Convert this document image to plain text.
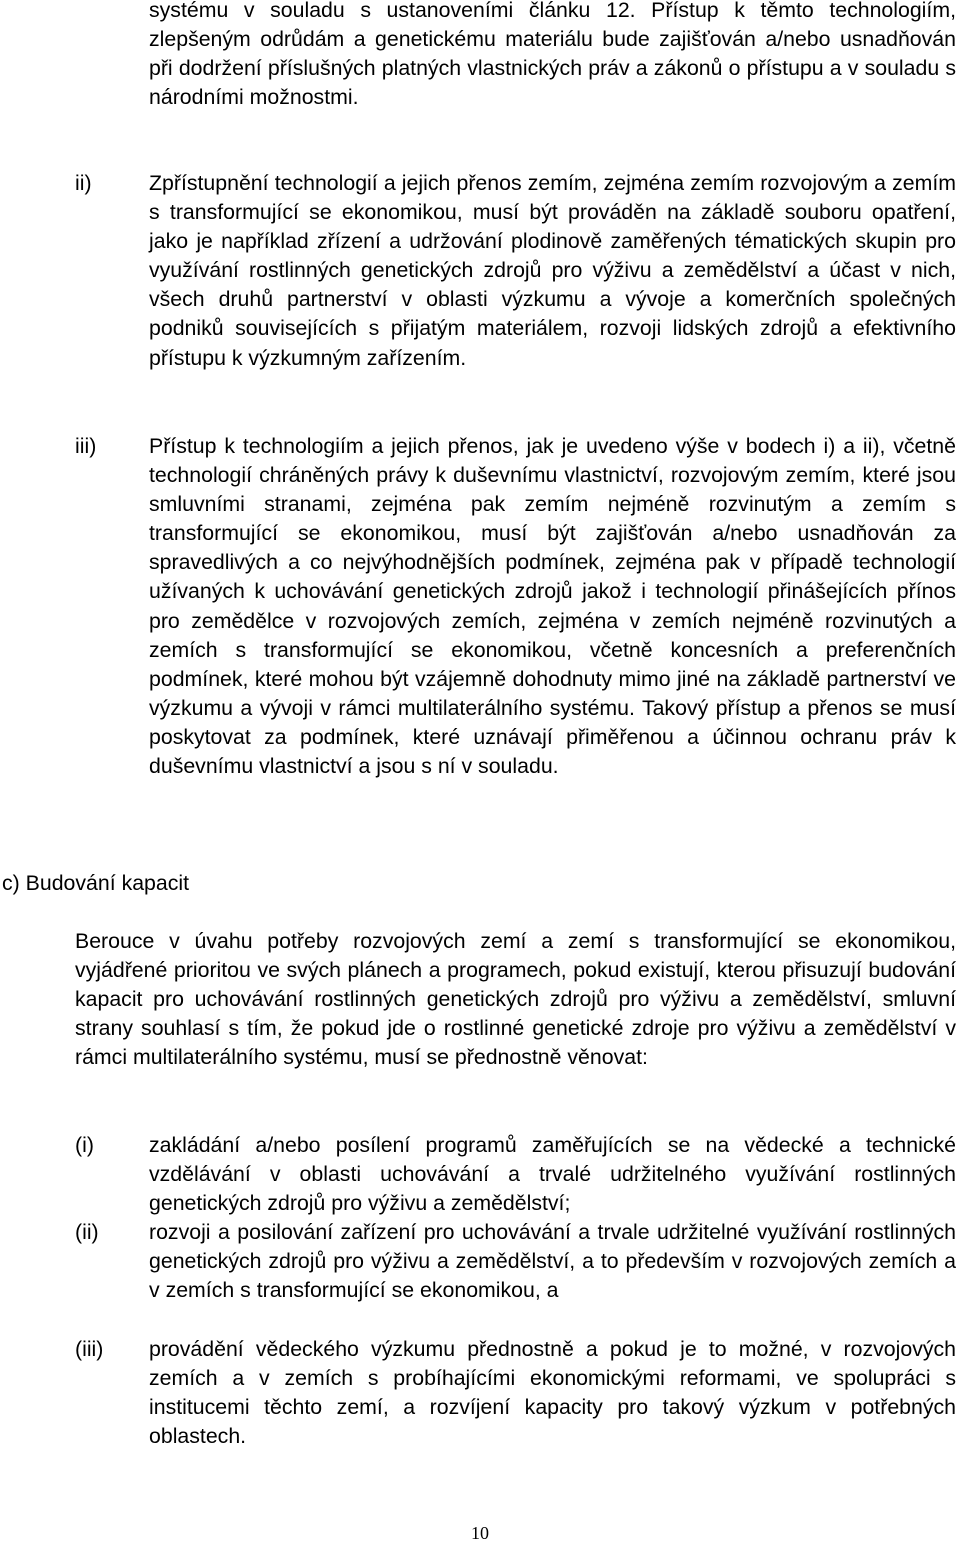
systému v souladu s ustanoveními článku 12. Přístup k těmto technologiím, zlepšeným odrůdám a genetickému materiálu bude zajišťován a/nebo usnadňován při dodržení příslušných platných vlastnických práv a zákonů o přístupu a v souladu s národními možnostmi.
ii)	Zpřístupnění technologií a jejich přenos zemím, zejména zemím rozvojovým a zemím s transformující se ekonomikou, musí být prováděn na základě souboru opatření, jako je například zřízení a udržování plodinově zaměřených tématických skupin pro využívání rostlinných genetických zdrojů pro výživu a zemědělství a účast v nich, všech druhů partnerství v oblasti výzkumu a vývoje a komerčních společných podniků souvisejících s přijatým materiálem, rozvoji lidských zdrojů a efektivního přístupu k výzkumným zařízením.
iii) Přístup k technologiím a jejich přenos, jak je uvedeno výše v bodech i) a ii), včetně technologií chráněných právy k duševnímu vlastnictví, rozvojovým zemím, které jsou smluvními stranami, zejména pak zemím nejméně rozvinutým a zemím s transformující se ekonomikou, musí být zajišťován a/nebo usnadňován za spravedlivých a co nejvýhodnějších podmínek, zejména pak v případě technologií užívaných k uchovávání genetických zdrojů jakož i technologií přinášejících přínos pro zemědělce v rozvojových zemích, zejména v zemích nejméně rozvinutých a zemích s transformující se ekonomikou, včetně koncesních a preferenčních podmínek, které mohou být vzájemně dohodnuty mimo jiné na základě partnerství ve výzkumu a vývoji v rámci multilaterálního systému. Takový přístup a přenos se musí poskytovat za podmínek, které uznávají přiměřenou a účinnou ochranu práv k duševnímu vlastnictví a jsou s ní v souladu.
c) Budování kapacit
Berouce v úvahu potřeby rozvojových zemí a zemí s transformující se ekonomikou, vyjádřené prioritou ve svých plánech a programech, pokud existují, kterou přisuzují budování kapacit pro uchovávání rostlinných genetických zdrojů pro výživu a zemědělství, smluvní strany souhlasí s tím, že pokud jde o rostlinné genetické zdroje pro výživu a zemědělství v rámci multilaterálního systému, musí se přednostně věnovat:
(i)	zakládání a/nebo posílení programů zaměřujících se na vědecké a technické vzdělávání v oblasti uchovávání a trvalé udržitelného využívání rostlinných genetických zdrojů pro výživu a zemědělství;
(ii) rozvoji a posilování zařízení pro uchovávání a trvale udržitelné využívání rostlinných genetických zdrojů pro výživu a zemědělství, a to především v rozvojových zemích a v zemích s transformující se ekonomikou, a
(iii) provádění vědeckého výzkumu přednostně a pokud je to možné, v rozvojových zemích a v zemích s probíhajícími ekonomickými reformami, ve spolupráci s institucemi těchto zemí, a rozvíjení kapacity pro takový výzkum v potřebných oblastech.
10
